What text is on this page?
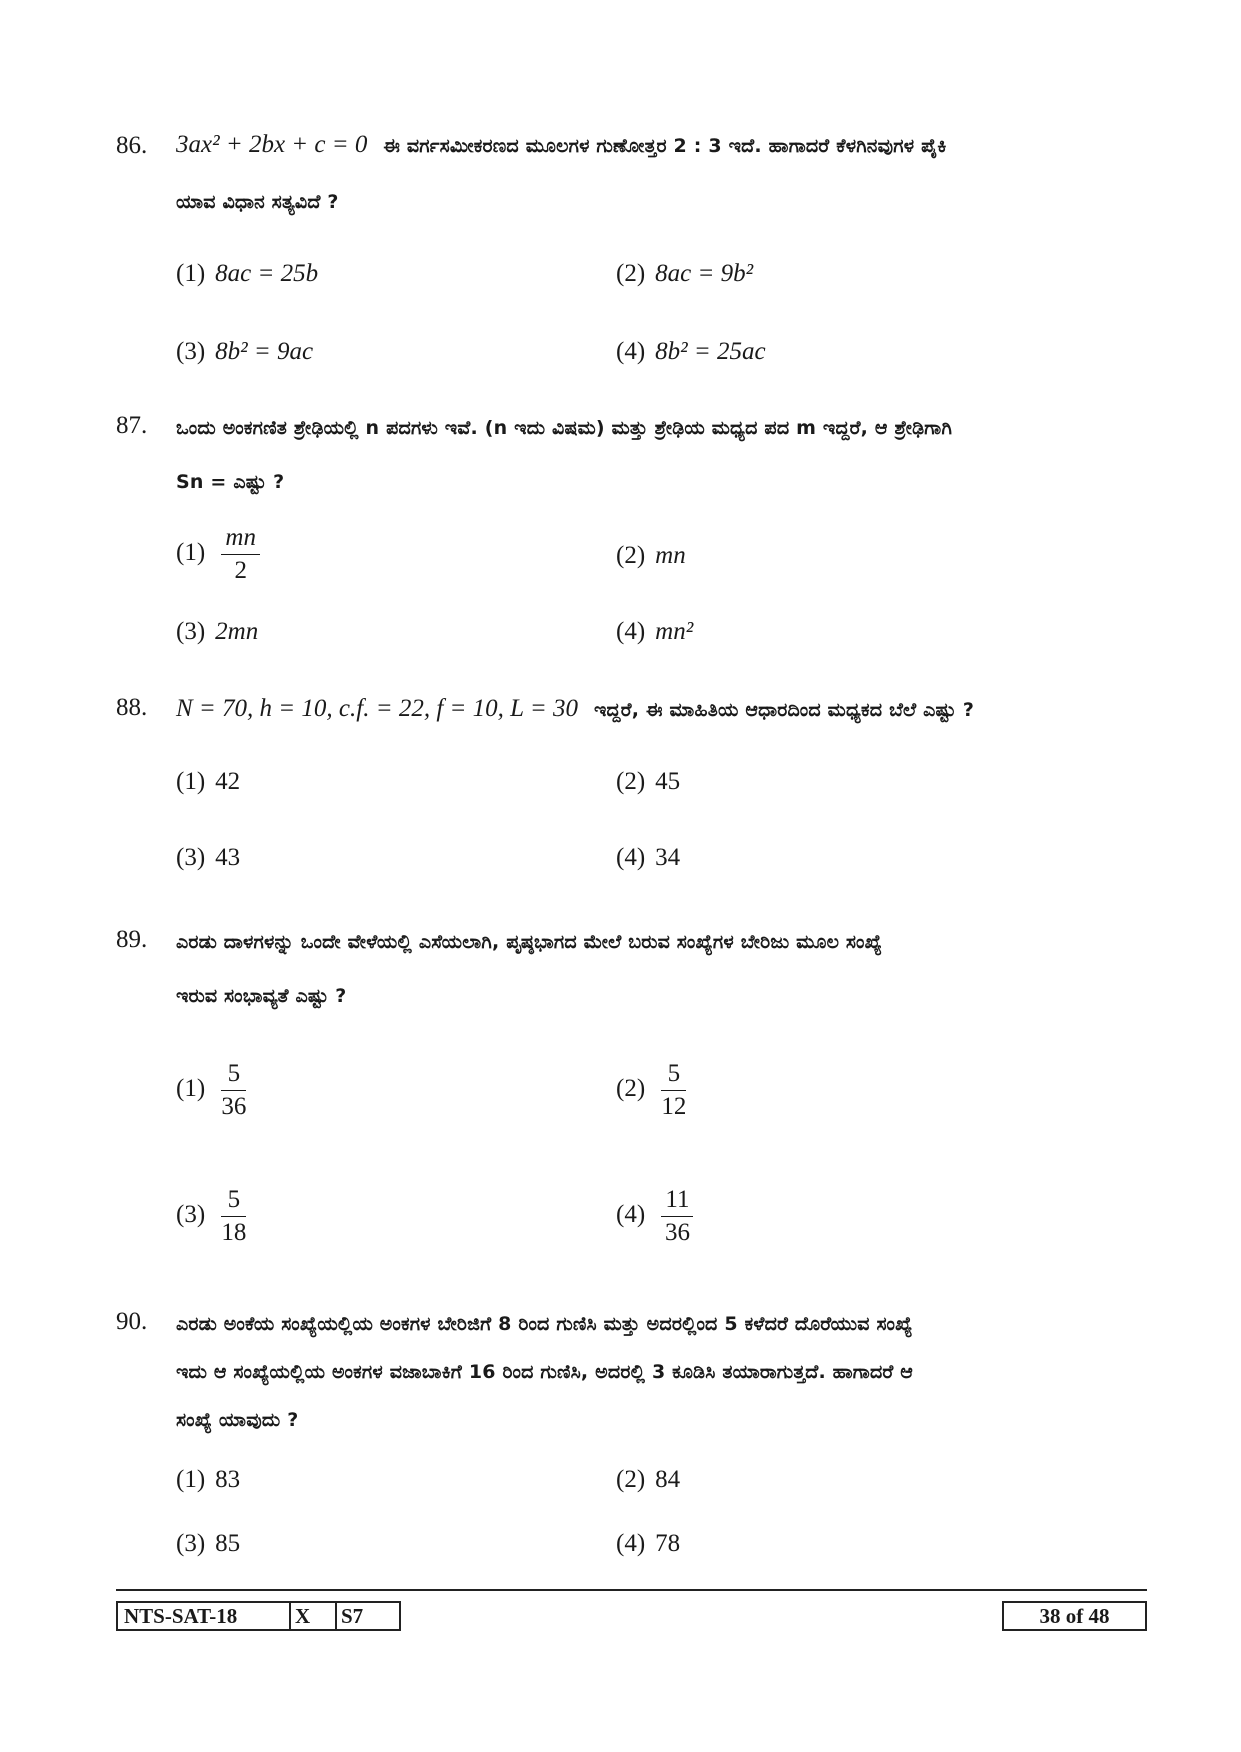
86. 3ax² + 2bx + c = 0 ಈ ವರ್ಗಸಮೀಕರಣದ ಮೂಲಗಳ ಗುಣೋತ್ತರ 2 : 3 ಇದೆ. ಹಾಗಾದರೆ ಕೆಳಗಿನವುಗಳ ಪೈಕಿ
ಯಾವ ವಿಧಾನ ಸತ್ಯವಿದೆ ?
(1) 8ac = 25b	(2) 8ac = 9b²
(3) 8b² = 9ac	(4) 8b² = 25ac
87. ಒಂದು ಅಂಕಗಣಿತ ಶ್ರೇಢಿಯಲ್ಲಿ n ಪದಗಳು ಇವೆ. (n ಇದು ವಿಷಮ) ಮತ್ತು ಶ್ರೇಢಿಯ ಮಧ್ಯದ ಪದ m ಇದ್ದರೆ, ಆ ಶ್ರೇಢಿಗಾಗಿ
Sn = ಎಷ್ಟು ?
$(1) \frac{mn}{2}$	(2) mn
(3) 2mn	(4) mn²
88. N = 70, h = 10, c.f. = 22, f = 10, L = 30 ಇದ್ದರೆ, ಈ ಮಾಹಿತಿಯ ಆಧಾರದಿಂದ ಮಧ್ಯಕದ ಬೆಲೆ ಎಷ್ಟು ?
(1) 42	(2) 45
(3) 43	(4) 34
89. ಎರಡು ದಾಳಗಳನ್ನು ಒಂದೇ ವೇಳೆಯಲ್ಲಿ ಎಸೆಯಲಾಗಿ, ಪೃಷ್ಠಭಾಗದ ಮೇಲೆ ಬರುವ ಸಂಖ್ಯೆಗಳ ಬೇರಿಜು ಮೂಲ ಸಂಖ್ಯೆ
ಇರುವ ಸಂಭಾವ್ಯತೆ ಎಷ್ಟು ?
$(1) \frac{5}{36}$	$(2) \frac{5}{12}$
$(3) \frac{5}{18}$	$(4) \frac{11}{36}$
90. ಎರಡು ಅಂಕೆಯ ಸಂಖ್ಯೆಯಲ್ಲಿಯ ಅಂಕಗಳ ಬೇರಿಜಿಗೆ 8 ರಿಂದ ಗುಣಿಸಿ ಮತ್ತು ಅದರಲ್ಲಿಂದ 5 ಕಳೆದರೆ ದೊರೆಯುವ ಸಂಖ್ಯೆ
ಇದು ಆ ಸಂಖ್ಯೆಯಲ್ಲಿಯ ಅಂಕಗಳ ವಜಾಬಾಕಿಗೆ 16 ರಿಂದ ಗುಣಿಸಿ, ಅದರಲ್ಲಿ 3 ಕೂಡಿಸಿ ತಯಾರಾಗುತ್ತದೆ. ಹಾಗಾದರೆ ಆ
ಸಂಖ್ಯೆ ಯಾವುದು ?
(1) 83	(2) 84
(3) 85	(4) 78
NTS-SAT-18	X	S7	38 of 48
